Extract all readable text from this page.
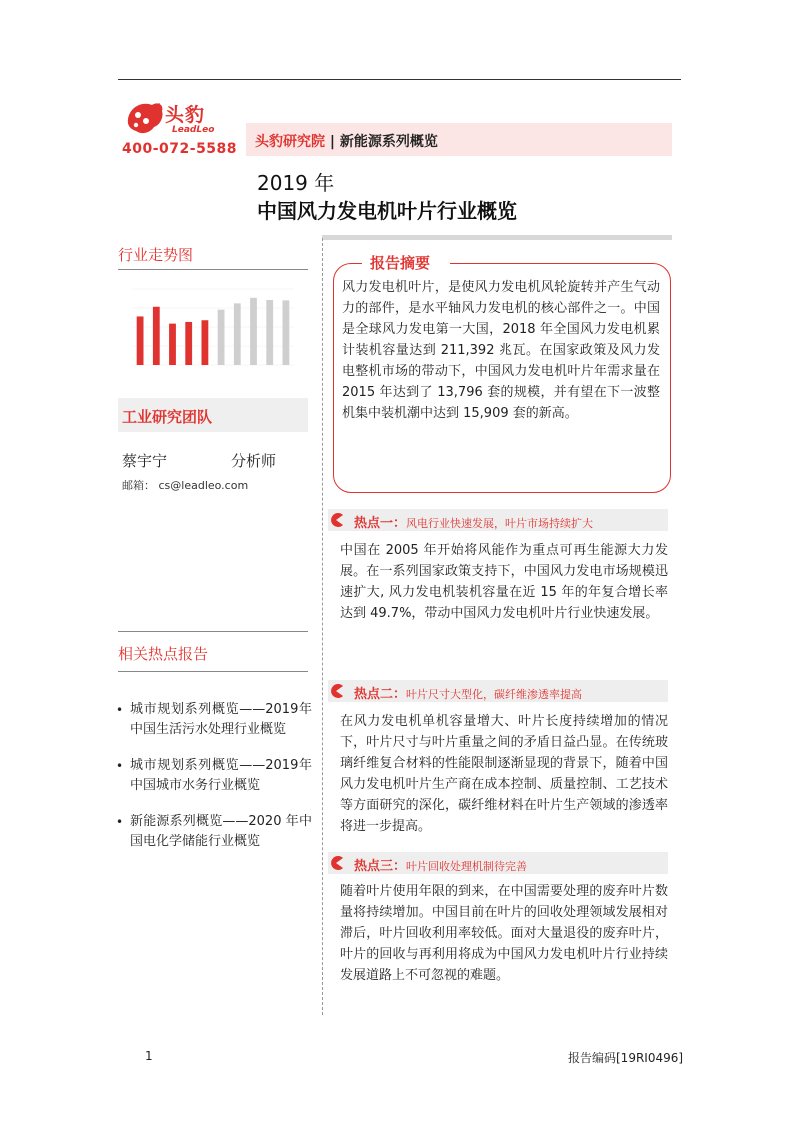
头豹
LeadLeo
400-072-5588 头豹研究院 | 新能源系列概览
2019 年
中国风力发电机叶片行业概览
行业走势图
工业研究团队
蔡宇宁	分析师
邮箱： cs@leadleo.com
相关热点报告
• 城市规划系列概览——2019年中国生活污水处理行业概览
• 城市规划系列概览——2019年中国城市水务行业概览
• 新能源系列概览——2020 年中国电化学储能行业概览
报告摘要
风力发电机叶片，是使风力发电机风轮旋转并产生气动力的部件，是水平轴风力发电机的核心部件之一。中国是全球风力发电第一大国，2018 年全国风力发电机累计装机容量达到 211,392 兆瓦。在国家政策及风力发电整机市场的带动下，中国风力发电机叶片年需求量在 2015 年达到了 13,796 套的规模，并有望在下一波整机集中装机潮中达到 15,909 套的新高。
热点一：风电行业快速发展，叶片市场持续扩大
中国在 2005 年开始将风能作为重点可再生能源大力发展。在一系列国家政策支持下，中国风力发电市场规模迅速扩大, 风力发电机装机容量在近 15 年的年复合增长率达到 49.7%，带动中国风力发电机叶片行业快速发展。
热点二：叶片尺寸大型化，碳纤维渗透率提高
在风力发电机单机容量增大、叶片长度持续增加的情况下，叶片尺寸与叶片重量之间的矛盾日益凸显。在传统玻璃纤维复合材料的性能限制逐渐显现的背景下，随着中国风力发电机叶片生产商在成本控制、质量控制、工艺技术等方面研究的深化，碳纤维材料在叶片生产领域的渗透率将进一步提高。
热点三：叶片回收处理机制待完善
随着叶片使用年限的到来，在中国需要处理的废弃叶片数量将持续增加。中国目前在叶片的回收处理领域发展相对滞后，叶片回收利用率较低。面对大量退役的废弃叶片，叶片的回收与再利用将成为中国风力发电机叶片行业持续发展道路上不可忽视的难题。
1	报告编码[19RI0496]
